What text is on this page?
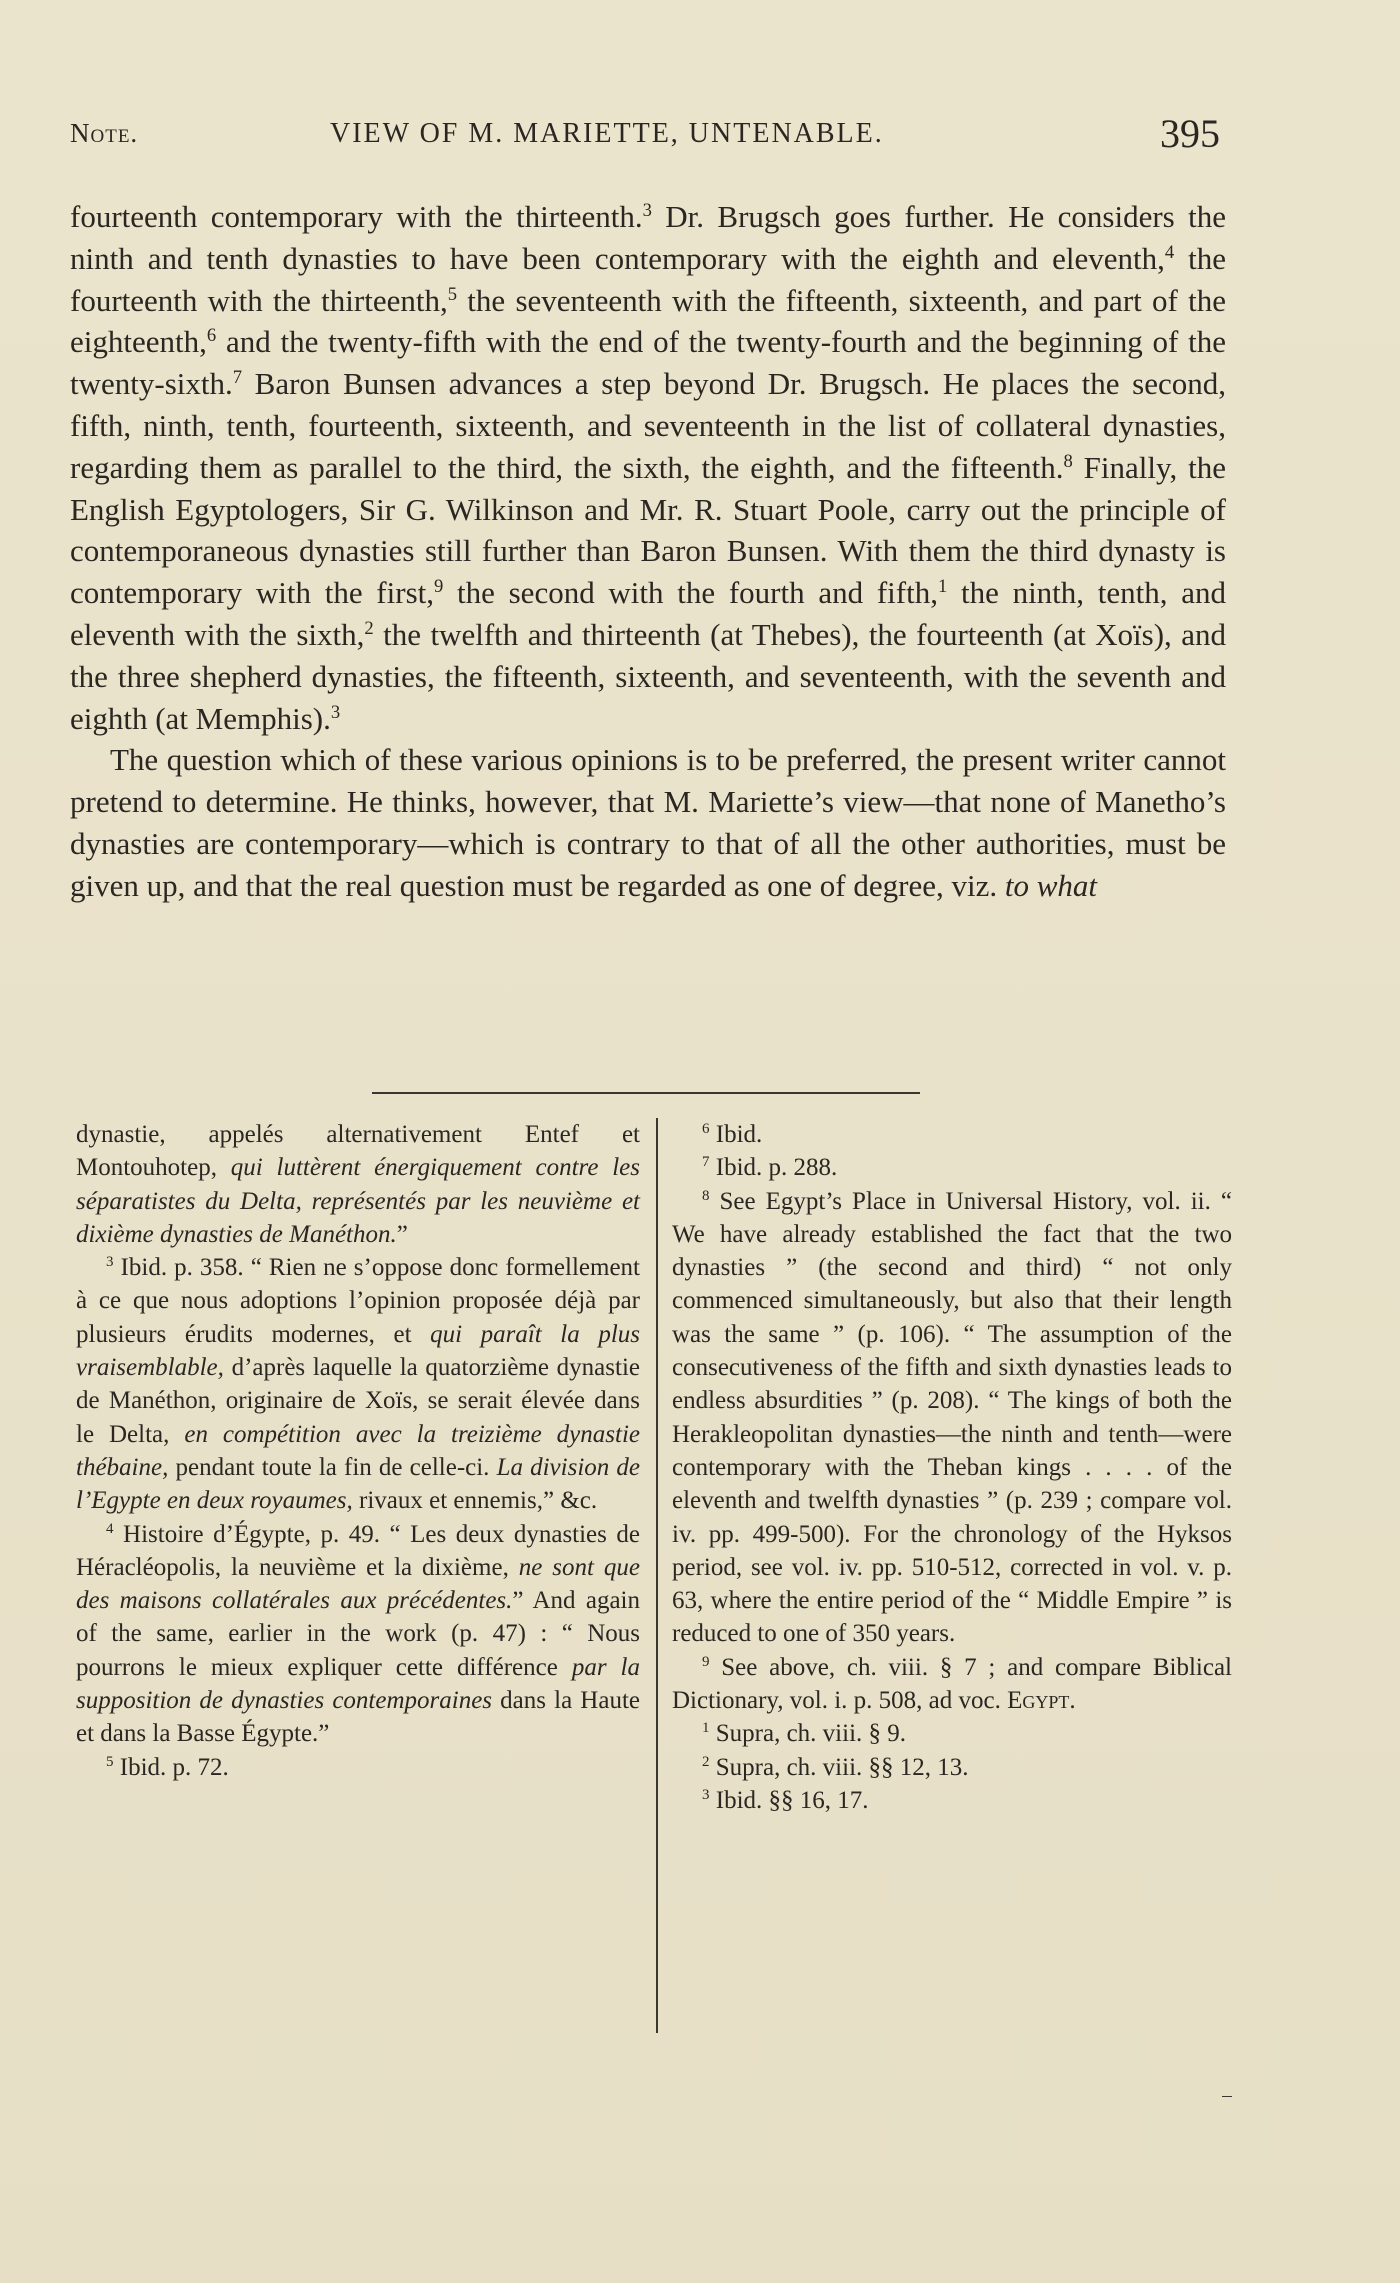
Note.	VIEW OF M. MARIETTE, UNTENABLE.	395

fourteenth contemporary with the thirteenth.$^3$ Dr. Brugsch goes further. He considers the ninth and tenth dynasties to have been contemporary with the eighth and eleventh,$^4$ the fourteenth with the thirteenth,$^5$ the seventeenth with the fifteenth, sixteenth, and part of the eighteenth,$^6$ and the twenty-fifth with the end of the twenty-fourth and the beginning of the twenty-sixth.$^7$ Baron Bunsen advances a step beyond Dr. Brugsch. He places the second, fifth, ninth, tenth, fourteenth, sixteenth, and seventeenth in the list of collateral dynasties, regarding them as parallel to the third, the sixth, the eighth, and the fifteenth.$^8$ Finally, the English Egyptologers, Sir G. Wilkinson and Mr. R. Stuart Poole, carry out the principle of contemporaneous dynasties still further than Baron Bunsen. With them the third dynasty is contemporary with the first,$^9$ the second with the fourth and fifth,$^1$ the ninth, tenth, and eleventh with the sixth,$^2$ the twelfth and thirteenth (at Thebes), the fourteenth (at Xoïs), and the three shepherd dynasties, the fifteenth, sixteenth, and seventeenth, with the seventh and eighth (at Memphis).$^3$

The question which of these various opinions is to be preferred, the present writer cannot pretend to determine. He thinks, however, that M. Mariette’s view—that none of Manetho’s dynasties are contemporary—which is contrary to that of all the other authorities, must be given up, and that the real question must be regarded as one of degree, viz. to what

dynastie, appelés alternativement Entef et Montouhotep, qui luttèrent énergiquement contre les séparatistes du Delta, représentés par les neuvième et dixième dynasties de Manéthon.”

$^3$ Ibid. p. 358. “ Rien ne s’oppose donc formellement à ce que nous adoptions l’opinion proposée déjà par plusieurs érudits modernes, et qui paraît la plus vraisemblable, d’après laquelle la quatorzième dynastie de Manéthon, originaire de Xoïs, se serait élevée dans le Delta, en compétition avec la treizième dynastie thébaine, pendant toute la fin de celle-ci. La division de l’Egypte en deux royaumes, rivaux et ennemis,” &c.

$^4$ Histoire d’Égypte, p. 49. “ Les deux dynasties de Héracléopolis, la neuvième et la dixième, ne sont que des maisons collatérales aux précédentes.” And again of the same, earlier in the work (p. 47) : “ Nous pourrons le mieux expliquer cette différence par la supposition de dynasties contemporaines dans la Haute et dans la Basse Égypte.”

$^5$ Ibid. p. 72.

$^6$ Ibid.

$^7$ Ibid. p. 288.

$^8$ See Egypt’s Place in Universal History, vol. ii. “ We have already established the fact that the two dynasties ” (the second and third) “ not only commenced simultaneously, but also that their length was the same ” (p. 106). “ The assumption of the consecutiveness of the fifth and sixth dynasties leads to endless absurdities ” (p. 208). “ The kings of both the Herakleopolitan dynasties—the ninth and tenth—were contemporary with the Theban kings . . . . of the eleventh and twelfth dynasties ” (p. 239 ; compare vol. iv. pp. 499-500). For the chronology of the Hyksos period, see vol. iv. pp. 510-512, corrected in vol. v. p. 63, where the entire period of the “ Middle Empire ” is reduced to one of 350 years.

$^9$ See above, ch. viii. § 7 ; and compare Biblical Dictionary, vol. i. p. 508, ad voc. Egypt.

$^1$ Supra, ch. viii. § 9.

$^2$ Supra, ch. viii. §§ 12, 13.

$^3$ Ibid. §§ 16, 17.
